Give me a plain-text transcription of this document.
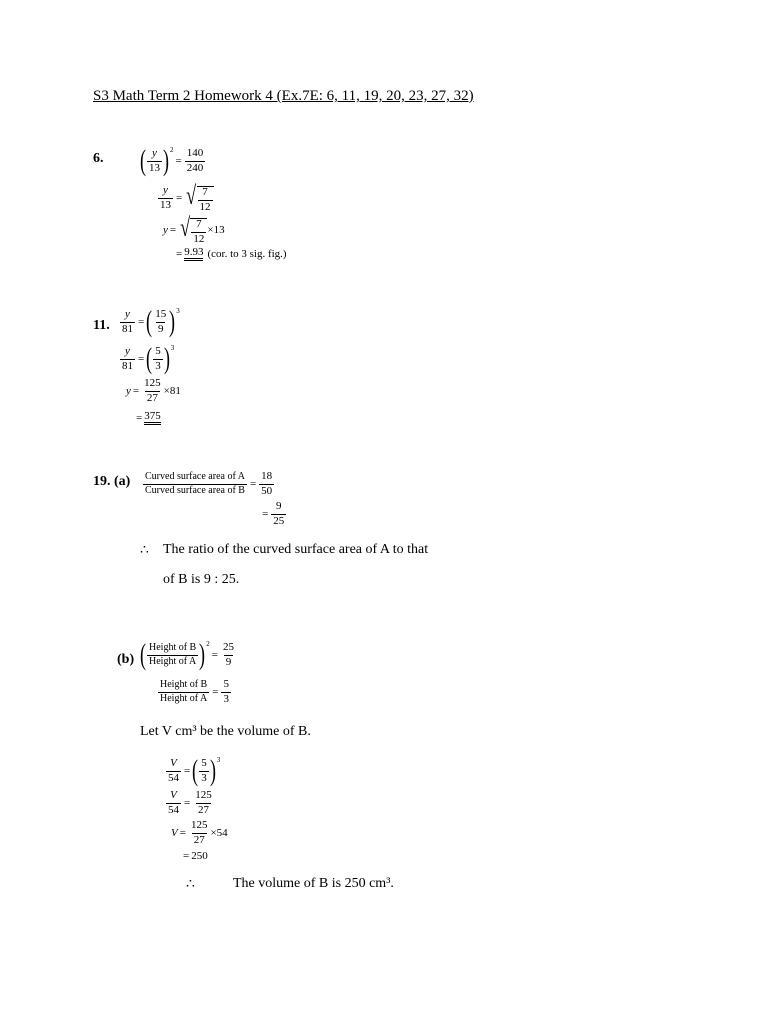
S3 Math Term 2 Homework 4 (Ex.7E: 6, 11, 19, 20, 23, 27, 32)
6. ( $\frac{y}{13}$ ) 2
= $\frac{140}{240}$
$\frac{y}{13}$ = √ $\frac{7}{12}$
y = √ $\frac{7}{12} \times 13$
= 9.93 (cor. to 3 sig. fig.)
11. $\frac{y}{81}$ = ( $\frac{15}{9}$ ) 3
$\frac{y}{81}$ = ( $\frac{5}{3}$ ) 3
$y = \frac{125}{27} \times 81$
= 375
19. $(a) \frac{\text{Curved surface area of A}}{\text{Curved surface area of B}} = \frac{18}{50}$
= $\frac{9}{25}$
∴ The ratio of the curved surface area of A to that
of B is 9 : 25.
(b) ( $\frac{\text{Height of B}}{\text{Height of A}}$ ) 2
= $\frac{25}{9}$
$\frac{\text{Height of B}}{\text{Height of A}} = \frac{5}{3}$
Let V cm³ be the volume of B.
$\frac{V}{54}$ = ( $\frac{5}{3}$ ) 3
$\frac{V}{54} = \frac{125}{27}$
$V = \frac{125}{27} \times 54$
= 250
∴	The volume of B is 250 cm³.
